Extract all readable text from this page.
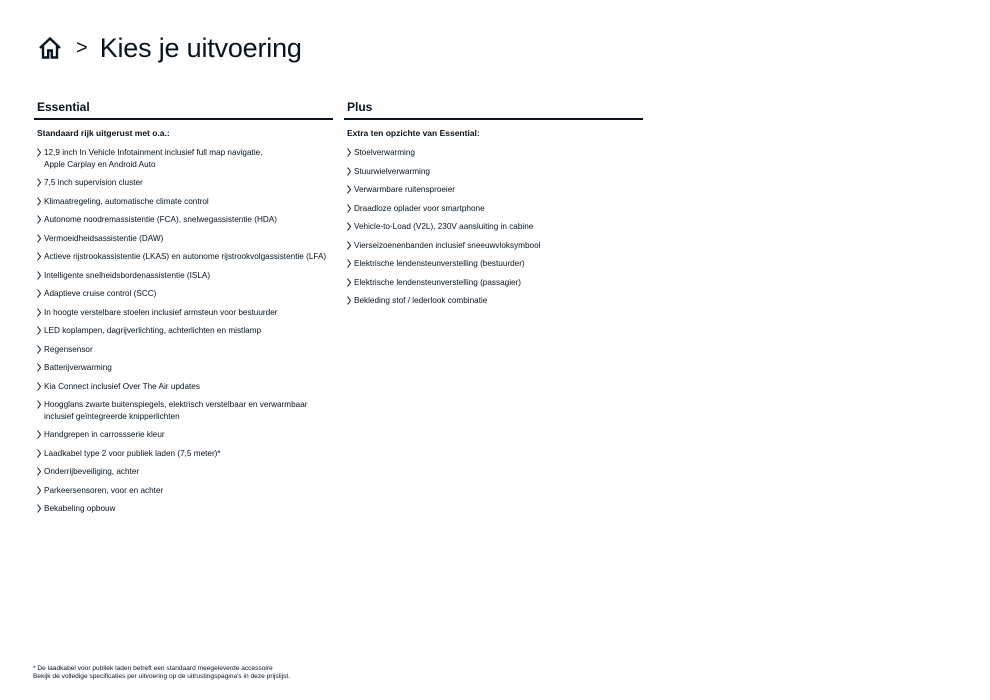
> Kies je uitvoering
Essential
Standaard rijk uitgerust met o.a.:
12,9 inch In Vehicle Infotainment inclusief full map navigatie,
Apple Carplay en Android Auto
7,5 inch supervision cluster
Klimaatregeling, automatische climate control
Autonome noodremassistentie (FCA), snelwegassistentie (HDA)
Vermoeidheidsassistentie (DAW)
Actieve rijstrookassistentie (LKAS) en autonome rijstrookvolgassistentie (LFA)
Intelligente snelheidsbordenassistentie (ISLA)
Adaptieve cruise control (SCC)
In hoogte verstelbare stoelen inclusief armsteun voor bestuurder
LED koplampen, dagrijverlichting, achterlichten en mistlamp
Regensensor
Batterijverwarming
Kia Connect inclusief Over The Air updates
Hoogglans zwarte buitenspiegels, elektrisch verstelbaar en verwarmbaar
inclusief geïntegreerde knipperlichten
Handgrepen in carrossserie kleur
Laadkabel type 2 voor publiek laden (7,5 meter)*
Onderrijbeveiliging, achter
Parkeersensoren, voor en achter
Bekabeling opbouw
Plus
Extra ten opzichte van Essential:
Stoelverwarming
Stuurwielverwarming
Verwarmbare ruitensproeier
Draadloze oplader voor smartphone
Vehicle-to-Load (V2L), 230V aansluiting in cabine
Vierseizoenenbanden inclusief sneeuwvloksymbool
Elektrische lendensteunverstelling (bestuurder)
Elektrische lendensteunverstelling (passagier)
Bekleding stof / lederlook combinatie
* De laadkabel voor publiek laden betreft een standaard meegeleverde accessoire
Bekijk de volledige specificaties per uitvoering op de uitrustingspagina's in deze prijslijst.
